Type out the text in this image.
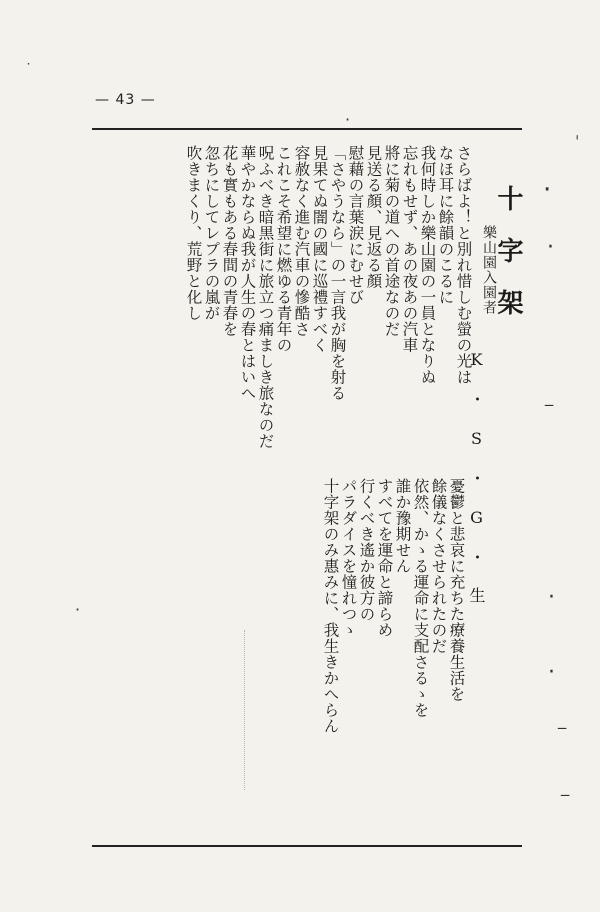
— 43 —
十字架
樂山園入園者
K・S・G・生
さらばよ！と別れ惜しむ螢の光は
なほ耳に餘韻のこるに
我何時しか樂山園の一員となりぬ
忘れもせず、あの夜あの汽車
將に菊の道への首途なのだ
見送る顏、見返る顏
慰藉の言葉涙にむせび
「さやうなら」の一言我が胸を射る
見果てぬ闇の國に巡禮すべく
容赦なく進む汽車の慘酷さ
これこそ希望に燃ゆる青年の
呪ふべき暗黒街に旅立つ痛ましき旅なのだ
華やかならぬ我が人生の春とはいへ
花も實もある春間の青春を
忽ちにしてレプラの嵐が
吹きまくり、荒野と化し
憂鬱と悲哀に充ちた療養生活を
餘儀なくさせられたのだ
依然、かゝる運命に支配さるゝを
誰か豫期せん
すべてを運命と諦らめ
行くべき遙か彼方の
パラダイスを憧れつゝ
十字架のみ惠みに、我生きかへらん
ˌ
·
·
‒
·
·
‒
‒
˙
·
·
